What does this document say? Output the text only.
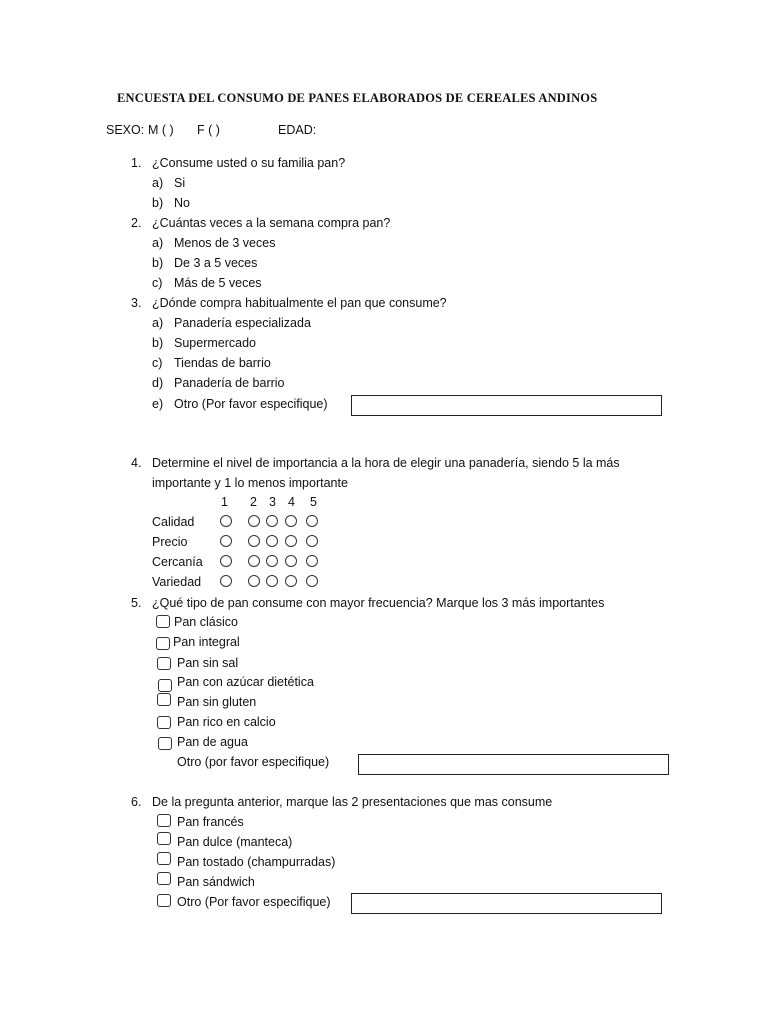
ENCUESTA DEL CONSUMO DE PANES ELABORADOS DE CEREALES ANDINOS
SEXO: M ( ) F ( )	EDAD:
1. ¿Consume usted o su familia pan?
a) Si
b) No
2. ¿Cuántas veces a la semana compra pan?
a) Menos de 3 veces
b) De 3 a 5 veces
c) Más de 5 veces
3. ¿Dónde compra habitualmente el pan que consume?
a) Panadería especializada
b) Supermercado
c) Tiendas de barrio
d) Panadería de barrio
e) Otro (Por favor especifique)
4. Determine el nivel de importancia a la hora de elegir una panadería, siendo 5 la más
importante y 1 lo menos importante
1 2 3 4 5
Calidad
Precio
Cercanía
Variedad
5. ¿Qué tipo de pan consume con mayor frecuencia? Marque los 3 más importantes
Pan clásico
Pan integral
Pan sin sal
Pan con azúcar dietética
Pan sin gluten
Pan rico en calcio
Pan de agua
Otro (por favor especifique)
6. De la pregunta anterior, marque las 2 presentaciones que mas consume
Pan francés
Pan dulce (manteca)
Pan tostado (champurradas)
Pan sándwich
Otro (Por favor especifique)
